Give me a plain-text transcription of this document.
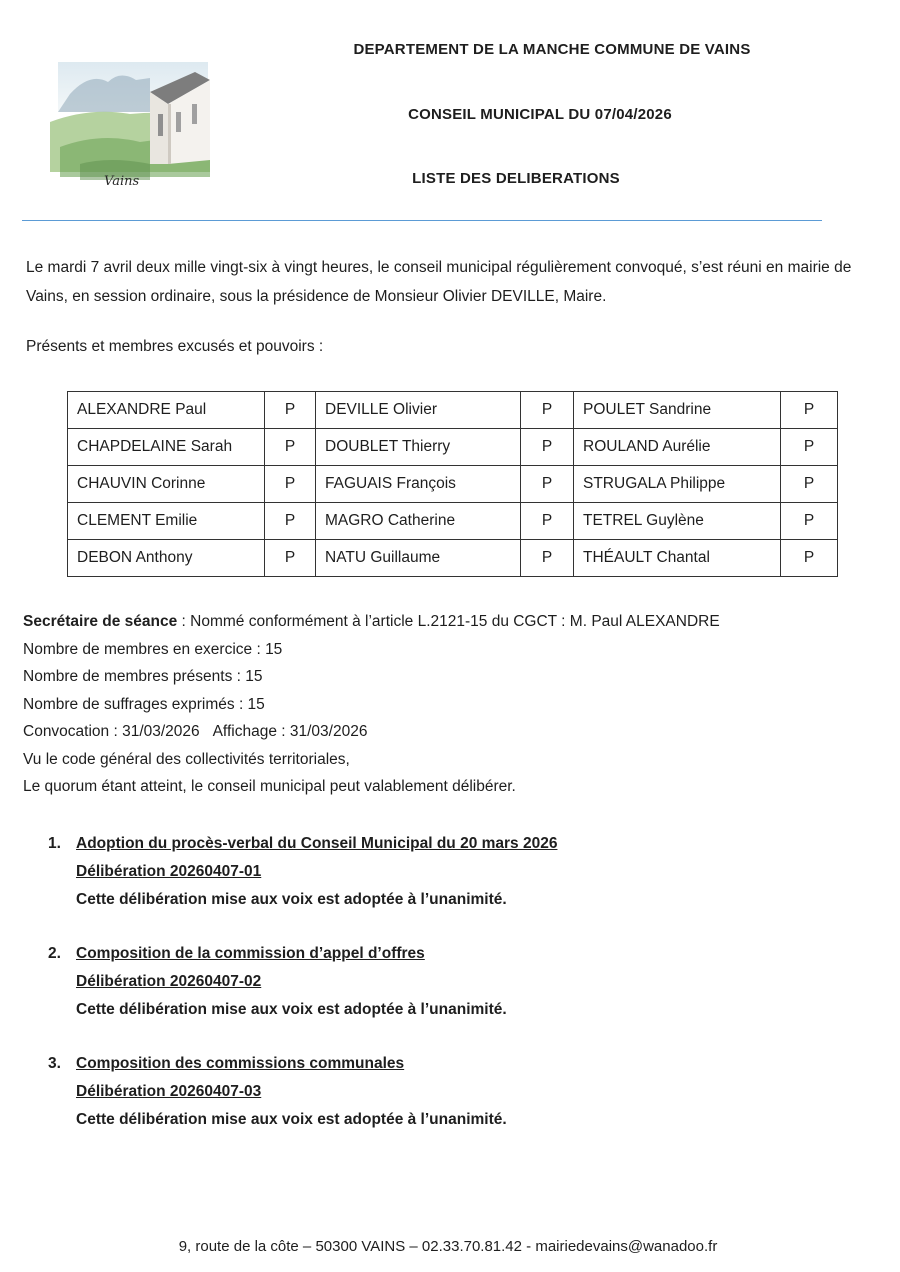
Vains
DEPARTEMENT DE LA MANCHE COMMUNE DE VAINS
CONSEIL MUNICIPAL DU 07/04/2026
LISTE DES DELIBERATIONS
Le mardi 7 avril deux mille vingt-six à vingt heures, le conseil municipal régulièrement convoqué, s’est réuni en mairie de Vains, en session ordinaire, sous la présidence de Monsieur Olivier DEVILLE, Maire.
Présents et membres excusés et pouvoirs :
ALEXANDRE Paul	P	DEVILLE Olivier	P	POULET Sandrine	P
CHAPDELAINE Sarah	P	DOUBLET Thierry	P	ROULAND Aurélie	P
CHAUVIN Corinne	P	FAGUAIS François	P	STRUGALA Philippe	P
CLEMENT Emilie	P	MAGRO Catherine	P	TETREL Guylène	P
DEBON Anthony	P	NATU Guillaume	P	THÉAULT Chantal	P
Secrétaire de séance : Nommé conformément à l’article L.2121-15 du CGCT : M. Paul ALEXANDRE
Nombre de membres en exercice : 15
Nombre de membres présents : 15
Nombre de suffrages exprimés : 15
Convocation : 31/03/2026 Affichage : 31/03/2026
Vu le code général des collectivités territoriales,
Le quorum étant atteint, le conseil municipal peut valablement délibérer.
1. Adoption du procès-verbal du Conseil Municipal du 20 mars 2026
Délibération 20260407-01
Cette délibération mise aux voix est adoptée à l’unanimité.
2. Composition de la commission d’appel d’offres
Délibération 20260407-02
Cette délibération mise aux voix est adoptée à l’unanimité.
3. Composition des commissions communales
Délibération 20260407-03
Cette délibération mise aux voix est adoptée à l’unanimité.
9, route de la côte – 50300 VAINS – 02.33.70.81.42 - mairiedevains@wanadoo.fr
